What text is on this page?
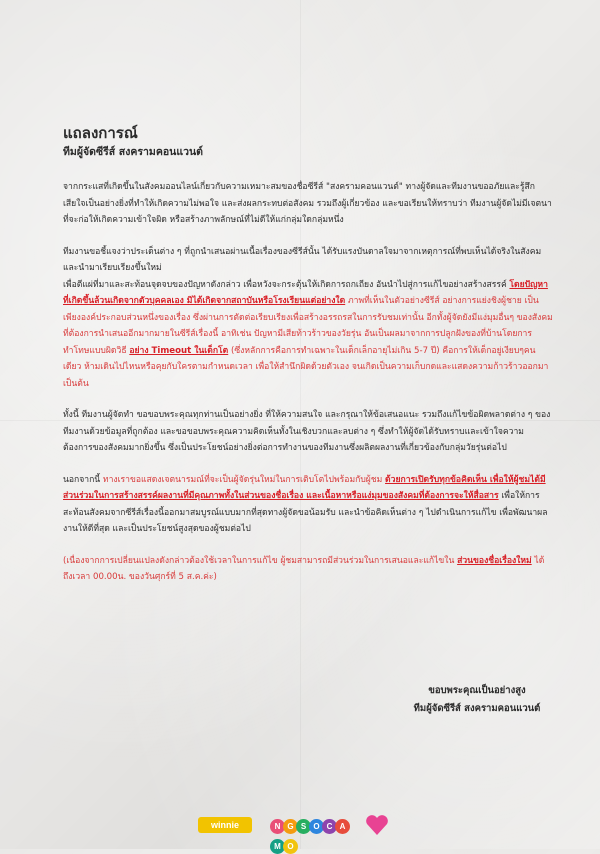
แถลงการณ์
ทีมผู้จัดซีรีส์ สงครามคอนแวนต์

จากกระแสที่เกิดขึ้นในสังคมออนไลน์เกี่ยวกับความเหมาะสมของชื่อซีรีส์ "สงครามคอนแวนต์" ทางผู้จัดและทีมงานขออภัยและรู้สึกเสียใจเป็นอย่างยิ่งที่ทำให้เกิดความไม่พอใจ และส่งผลกระทบต่อสังคม รวมถึงผู้เกี่ยวข้อง และขอเรียนให้ทราบว่า ทีมงานผู้จัดไม่มีเจตนาที่จะก่อให้เกิดความเข้าใจผิด หรือสร้างภาพลักษณ์ที่ไม่ดีให้แก่กลุ่มใดกลุ่มหนึ่ง

ทีมงานขอชี้แจงว่าประเด็นต่าง ๆ ที่ถูกนำเสนอผ่านเนื้อเรื่องของซีรีส์นั้น ได้รับแรงบันดาลใจมาจากเหตุการณ์ที่พบเห็นได้จริงในสังคม และนำมาเรียบเรียงขึ้นใหม่
เพื่อตีแผ่ที่มาและสะท้อนจุดจบของปัญหาดังกล่าว เพื่อหวังจะกระตุ้นให้เกิดการถกเถียง อันนำไปสู่การแก้ไขอย่างสร้างสรรค์ โดยปัญหาที่เกิดขึ้นล้วนเกิดจากตัวบุคคลเอง มิได้เกิดจากสถาบันหรือโรงเรียนแต่อย่างใด ภาพที่เห็นในตัวอย่างซีรีส์ อย่างการแย่งชิงผู้ชาย เป็นเพียงองค์ประกอบส่วนหนึ่งของเรื่อง ซึ่งผ่านการตัดต่อเรียบเรียงเพื่อสร้างอรรถรสในการรับชมเท่านั้น อีกทั้งผู้จัดยังมีแง่มุมอื่นๆ ของสังคมที่ต้องการนำเสนออีกมากมายในซีรีส์เรื่องนี้ อาทิเช่น ปัญหามีเสียท้าวร้าวของวัยรุ่น อันเป็นผลมาจากการปลูกฝังของที่บ้านโดยการทำโทษแบบผิดวิธี อย่าง Timeout ในเด็กโต (ซึ่งหลักการคือการทำเฉพาะในเด็กเล็กอายุไม่เกิน 5-7 ปี) คือการให้เด็กอยู่เงียบๆคนเดียว ห้ามเดินไปไหนหรือคุยกับใครตามกำหนดเวลา เพื่อให้สำนึกผิดด้วยตัวเอง จนเกิดเป็นความเก็บกดและแสดงความก้าวร้าวออกมา เป็นต้น

ทั้งนี้ ทีมงานผู้จัดทำ ขอขอบพระคุณทุกท่านเป็นอย่างยิ่ง ที่ให้ความสนใจ และกรุณาให้ข้อเสนอแนะ รวมถึงแก้ไขข้อผิดพลาดต่าง ๆ ของทีมงานด้วยข้อมูลที่ถูกต้อง และขอขอบพระคุณความคิดเห็นทั้งในเชิงบวกและลบต่าง ๆ ซึ่งทำให้ผู้จัดได้รับทราบและเข้าใจความต้องการของสังคมมากยิ่งขึ้น ซึ่งเป็นประโยชน์อย่างยิ่งต่อการทำงานของทีมงานซึ่งผลิตผลงานที่เกี่ยวข้องกับกลุ่มวัยรุ่นต่อไป

นอกจากนี้ ทางเราขอแสดงเจตนารมณ์ที่จะเป็นผู้จัดรุ่นใหม่ในการเติบโตไปพร้อมกับผู้ชม ด้วยการเปิดรับทุกข้อคิดเห็น เพื่อให้ผู้ชมได้มีส่วนร่วมในการสร้างสรรค์ผลงานที่มีคุณภาพทั้งในส่วนของชื่อเรื่อง และเนื้อหาหรือแง่มุมของสังคมที่ต้องการจะให้สื่อสาร เพื่อให้การสะท้อนสังคมจากซีรีส์เรื่องนี้ออกมาสมบูรณ์แบบมากที่สุดทางผู้จัดขอน้อมรับ และนำข้อคิดเห็นต่าง ๆ ไปดำเนินการแก้ไข เพื่อพัฒนาผลงานให้ดีที่สุด และเป็นประโยชน์สูงสุดของผู้ชมต่อไป

(เนื่องจากการเปลี่ยนแปลงดังกล่าวต้องใช้เวลาในการแก้ไข ผู้ชมสามารถมีส่วนร่วมในการเสนอและแก้ไขใน ส่วนของชื่อเรื่องใหม่ ได้ถึงเวลา 00.00น. ของวันศุกร์ที่ 5 ส.ค.ค่ะ)

ขอบพระคุณเป็นอย่างสูง
ทีมผู้จัดซีรีส์ สงครามคอนแวนต์
winnie	N G S O C AM O
